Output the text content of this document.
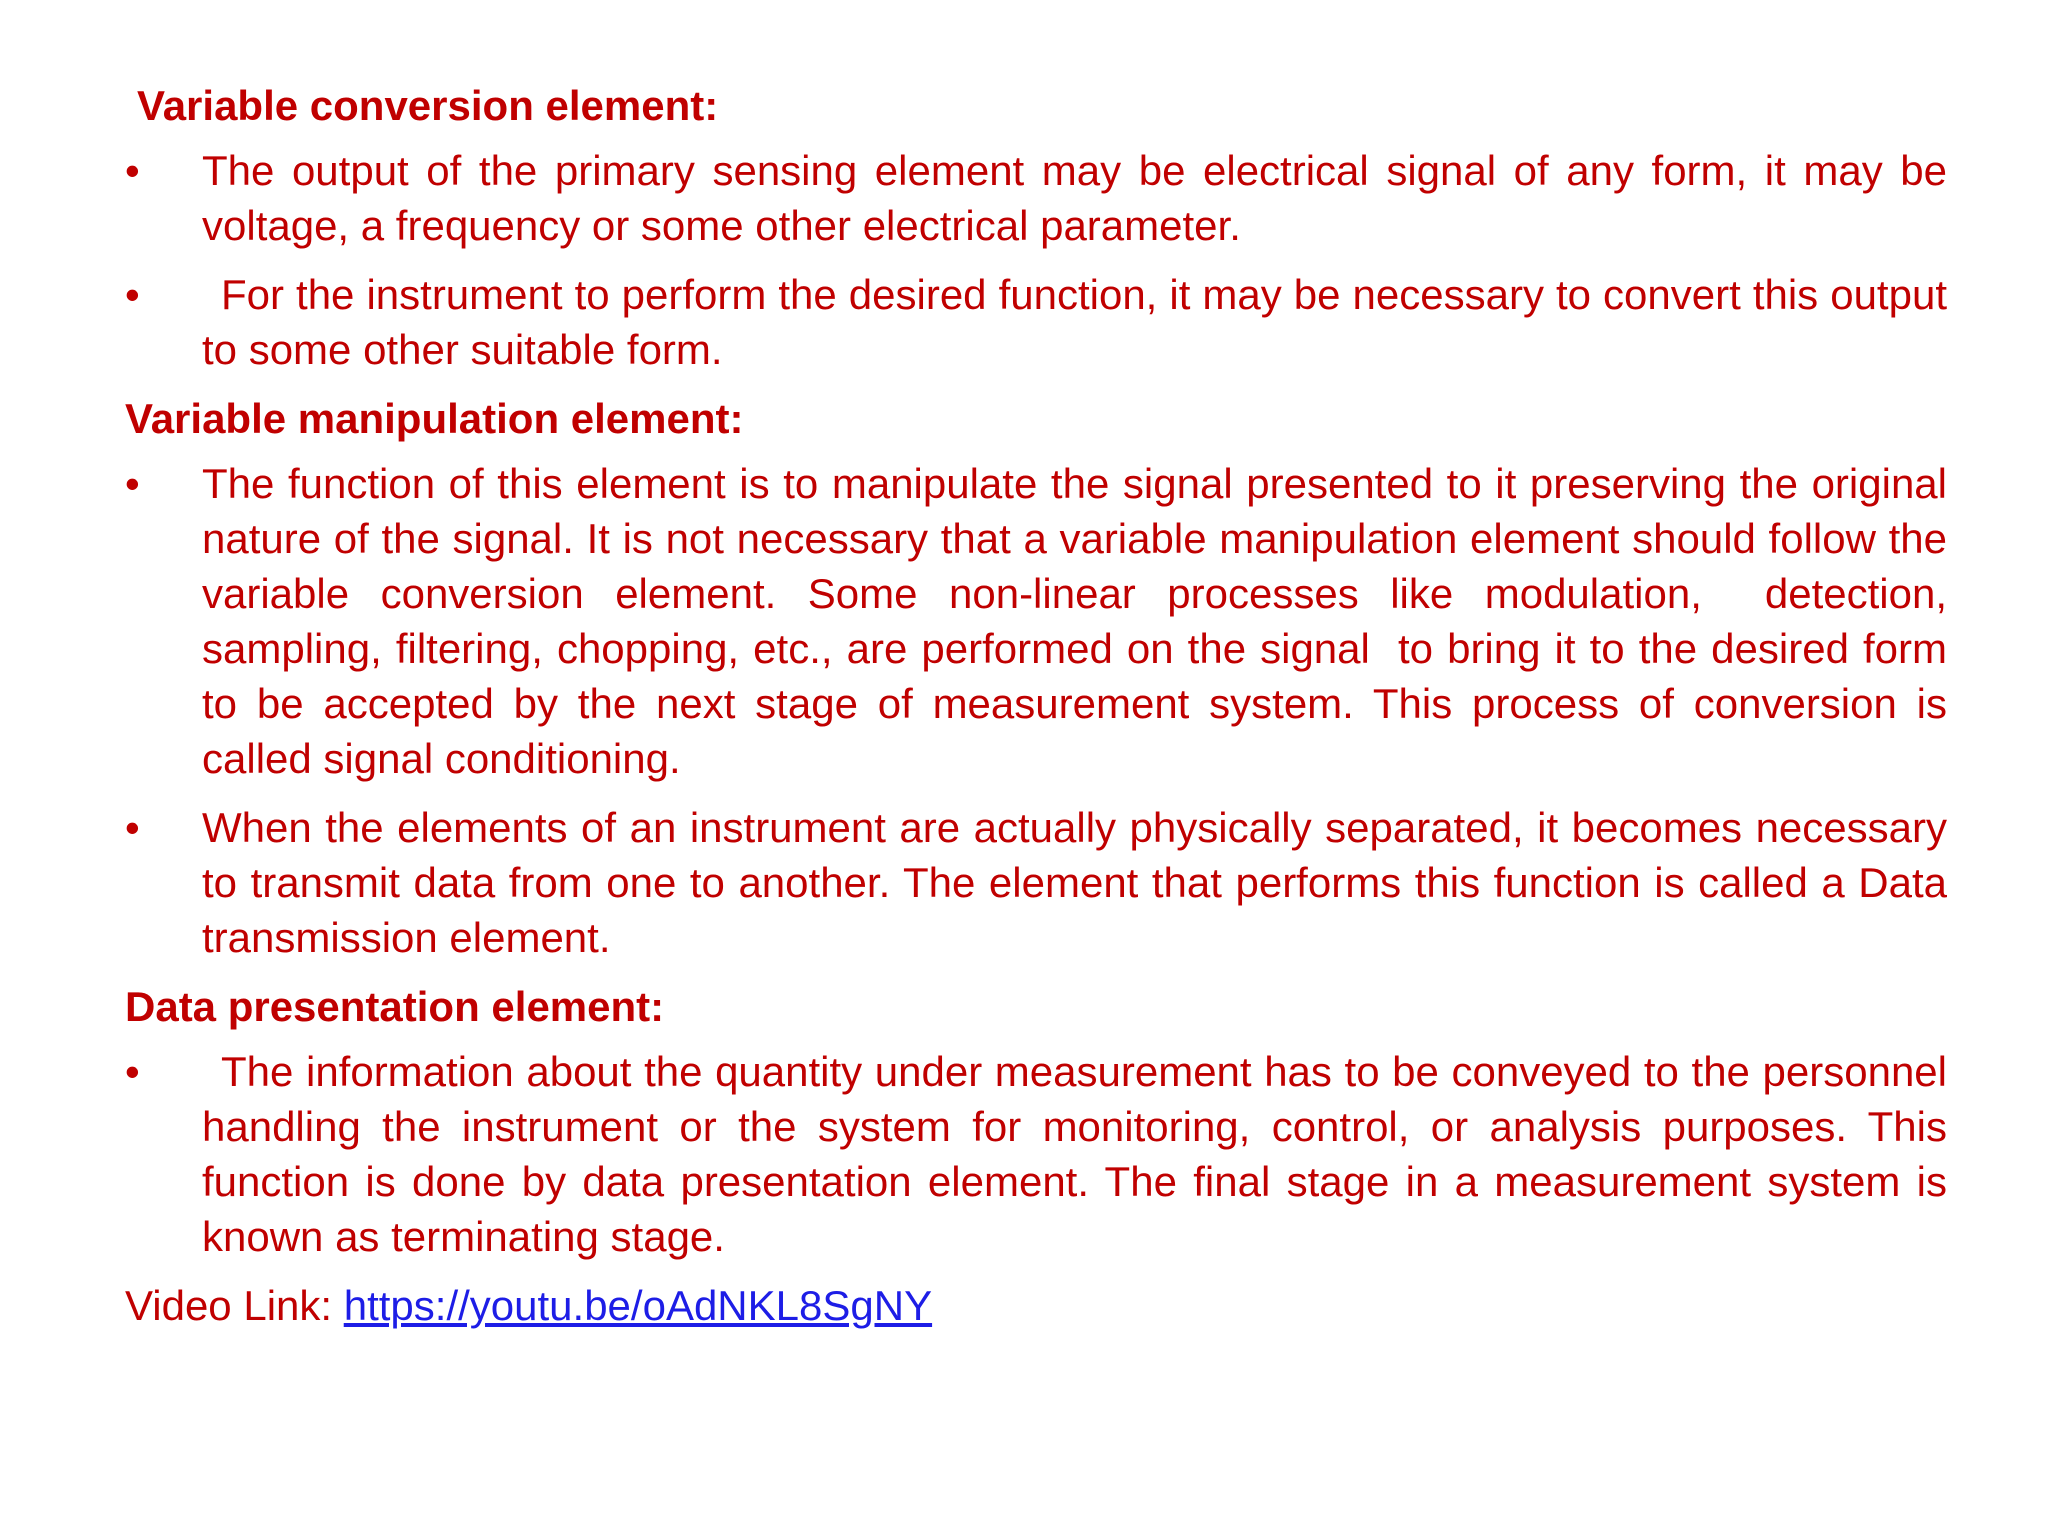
Variable conversion element:
• The output of the primary sensing element may be electrical signal of any form, it may be voltage, a frequency or some other electrical parameter.
• For the instrument to perform the desired function, it may be necessary to convert this output to some other suitable form.
Variable manipulation element:
• The function of this element is to manipulate the signal presented to it preserving the original nature of the signal. It is not necessary that a variable manipulation element should follow the variable conversion element. Some non-linear processes like modulation,  detection,  sampling, filtering, chopping, etc., are performed on the signal  to bring it to the desired form to be accepted by the next stage of measurement system. This process of conversion is called signal conditioning.
• When the elements of an instrument are actually physically separated, it becomes necessary to transmit data from one to another. The element that performs this function is called a Data transmission element.
Data presentation element:
• The information about the quantity under measurement has to be conveyed to the personnel handling the instrument or the system for monitoring, control, or analysis purposes. This function is done by data presentation element. The final stage in a measurement system is known as terminating stage.
Video Link: https://youtu.be/oAdNKL8SgNY
